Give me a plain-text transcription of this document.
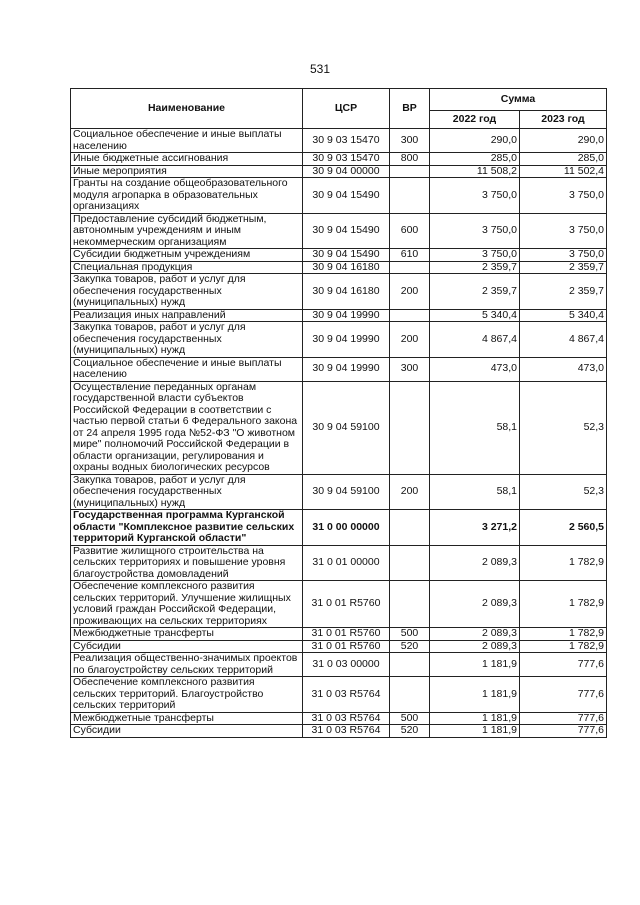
531
Наименование	ЦСР	ВР	Сумма	
			2022 год	2023 год
Социальное обеспечение и иные выплаты населению	30 9 03 15470	300	290,0	290,0
Иные бюджетные ассигнования	30 9 03 15470	800	285,0	285,0
Иные мероприятия	30 9 04 00000		11 508,2	11 502,4
Гранты на создание общеобразовательного модуля агропарка в образовательных организациях	30 9 04 15490		3 750,0	3 750,0
Предоставление субсидий бюджетным, автономным учреждениям и иным некоммерческим организациям	30 9 04 15490	600	3 750,0	3 750,0
Субсидии бюджетным учреждениям	30 9 04 15490	610	3 750,0	3 750,0
Специальная продукция	30 9 04 16180		2 359,7	2 359,7
Закупка товаров, работ и услуг для обеспечения государственных (муниципальных) нужд	30 9 04 16180	200	2 359,7	2 359,7
Реализация иных направлений	30 9 04 19990		5 340,4	5 340,4
Закупка товаров, работ и услуг для обеспечения государственных (муниципальных) нужд	30 9 04 19990	200	4 867,4	4 867,4
Социальное обеспечение и иные выплаты населению	30 9 04 19990	300	473,0	473,0
Осуществление переданных органам государственной власти субъектов Российской Федерации в соответствии с частью первой статьи 6 Федерального закона от 24 апреля 1995 года №52-ФЗ "О животном мире" полномочий Российской Федерации в области организации, регулирования и охраны водных биологических ресурсов	30 9 04 59100		58,1	52,3
Закупка товаров, работ и услуг для обеспечения государственных (муниципальных) нужд	30 9 04 59100	200	58,1	52,3
Государственная программа Курганской области "Комплексное развитие сельских территорий Курганской области"	31 0 00 00000		3 271,2	2 560,5
Развитие жилищного строительства на сельских территориях и повышение уровня благоустройства домовладений	31 0 01 00000		2 089,3	1 782,9
Обеспечение комплексного развития сельских территорий. Улучшение жилищных условий граждан Российской Федерации, проживающих на сельских территориях	31 0 01 R5760		2 089,3	1 782,9
Межбюджетные трансферты	31 0 01 R5760	500	2 089,3	1 782,9
Субсидии	31 0 01 R5760	520	2 089,3	1 782,9
Реализация общественно-значимых проектов по благоустройству сельских территорий	31 0 03 00000		1 181,9	777,6
Обеспечение комплексного развития сельских территорий. Благоустройство сельских территорий	31 0 03 R5764		1 181,9	777,6
Межбюджетные трансферты	31 0 03 R5764	500	1 181,9	777,6
Субсидии	31 0 03 R5764	520	1 181,9	777,6
